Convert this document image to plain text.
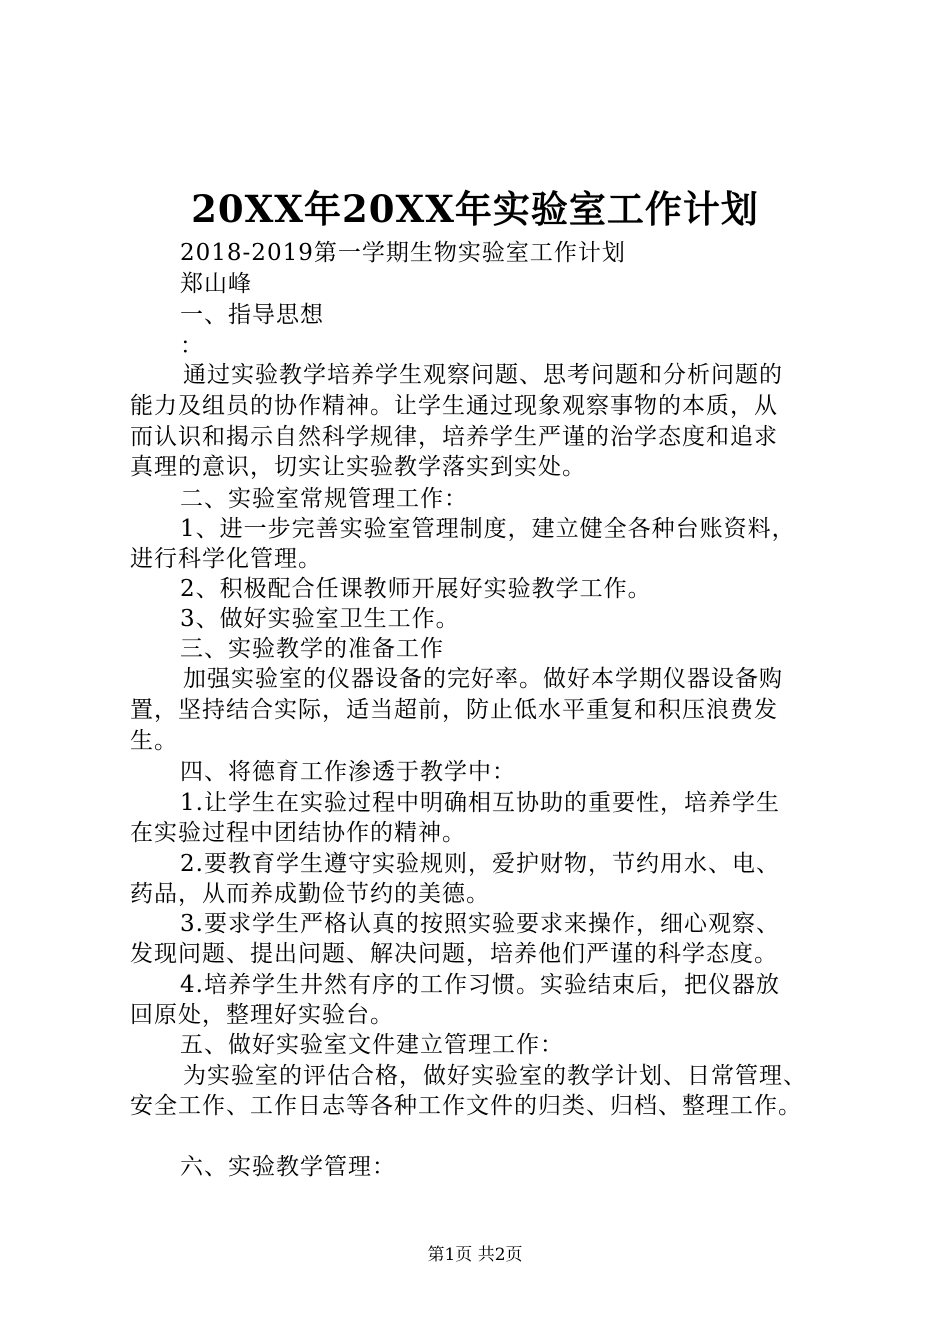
20XX年20XX年实验室工作计划
2018-2019第一学期生物实验室工作计划
郑山峰
一、指导思想
：
通过实验教学培养学生观察问题、思考问题和分析问题的
能力及组员的协作精神。让学生通过现象观察事物的本质，从
而认识和揭示自然科学规律，培养学生严谨的治学态度和追求
真理的意识，切实让实验教学落实到实处。
二、实验室常规管理工作：
1、进一步完善实验室管理制度，建立健全各种台账资料，
进行科学化管理。
2、积极配合任课教师开展好实验教学工作。
3、做好实验室卫生工作。
三、实验教学的准备工作
加强实验室的仪器设备的完好率。做好本学期仪器设备购
置，坚持结合实际，适当超前，防止低水平重复和积压浪费发
生。
四、将德育工作渗透于教学中：
1.让学生在实验过程中明确相互协助的重要性，培养学生
在实验过程中团结协作的精神。
2.要教育学生遵守实验规则，爱护财物，节约用水、电、
药品，从而养成勤俭节约的美德。
3.要求学生严格认真的按照实验要求来操作，细心观察、
发现问题、提出问题、解决问题，培养他们严谨的科学态度。
4.培养学生井然有序的工作习惯。实验结束后，把仪器放
回原处，整理好实验台。
五、做好实验室文件建立管理工作：
为实验室的评估合格，做好实验室的教学计划、日常管理、
安全工作、工作日志等各种工作文件的归类、归档、整理工作。
六、实验教学管理：
第1页 共2页
